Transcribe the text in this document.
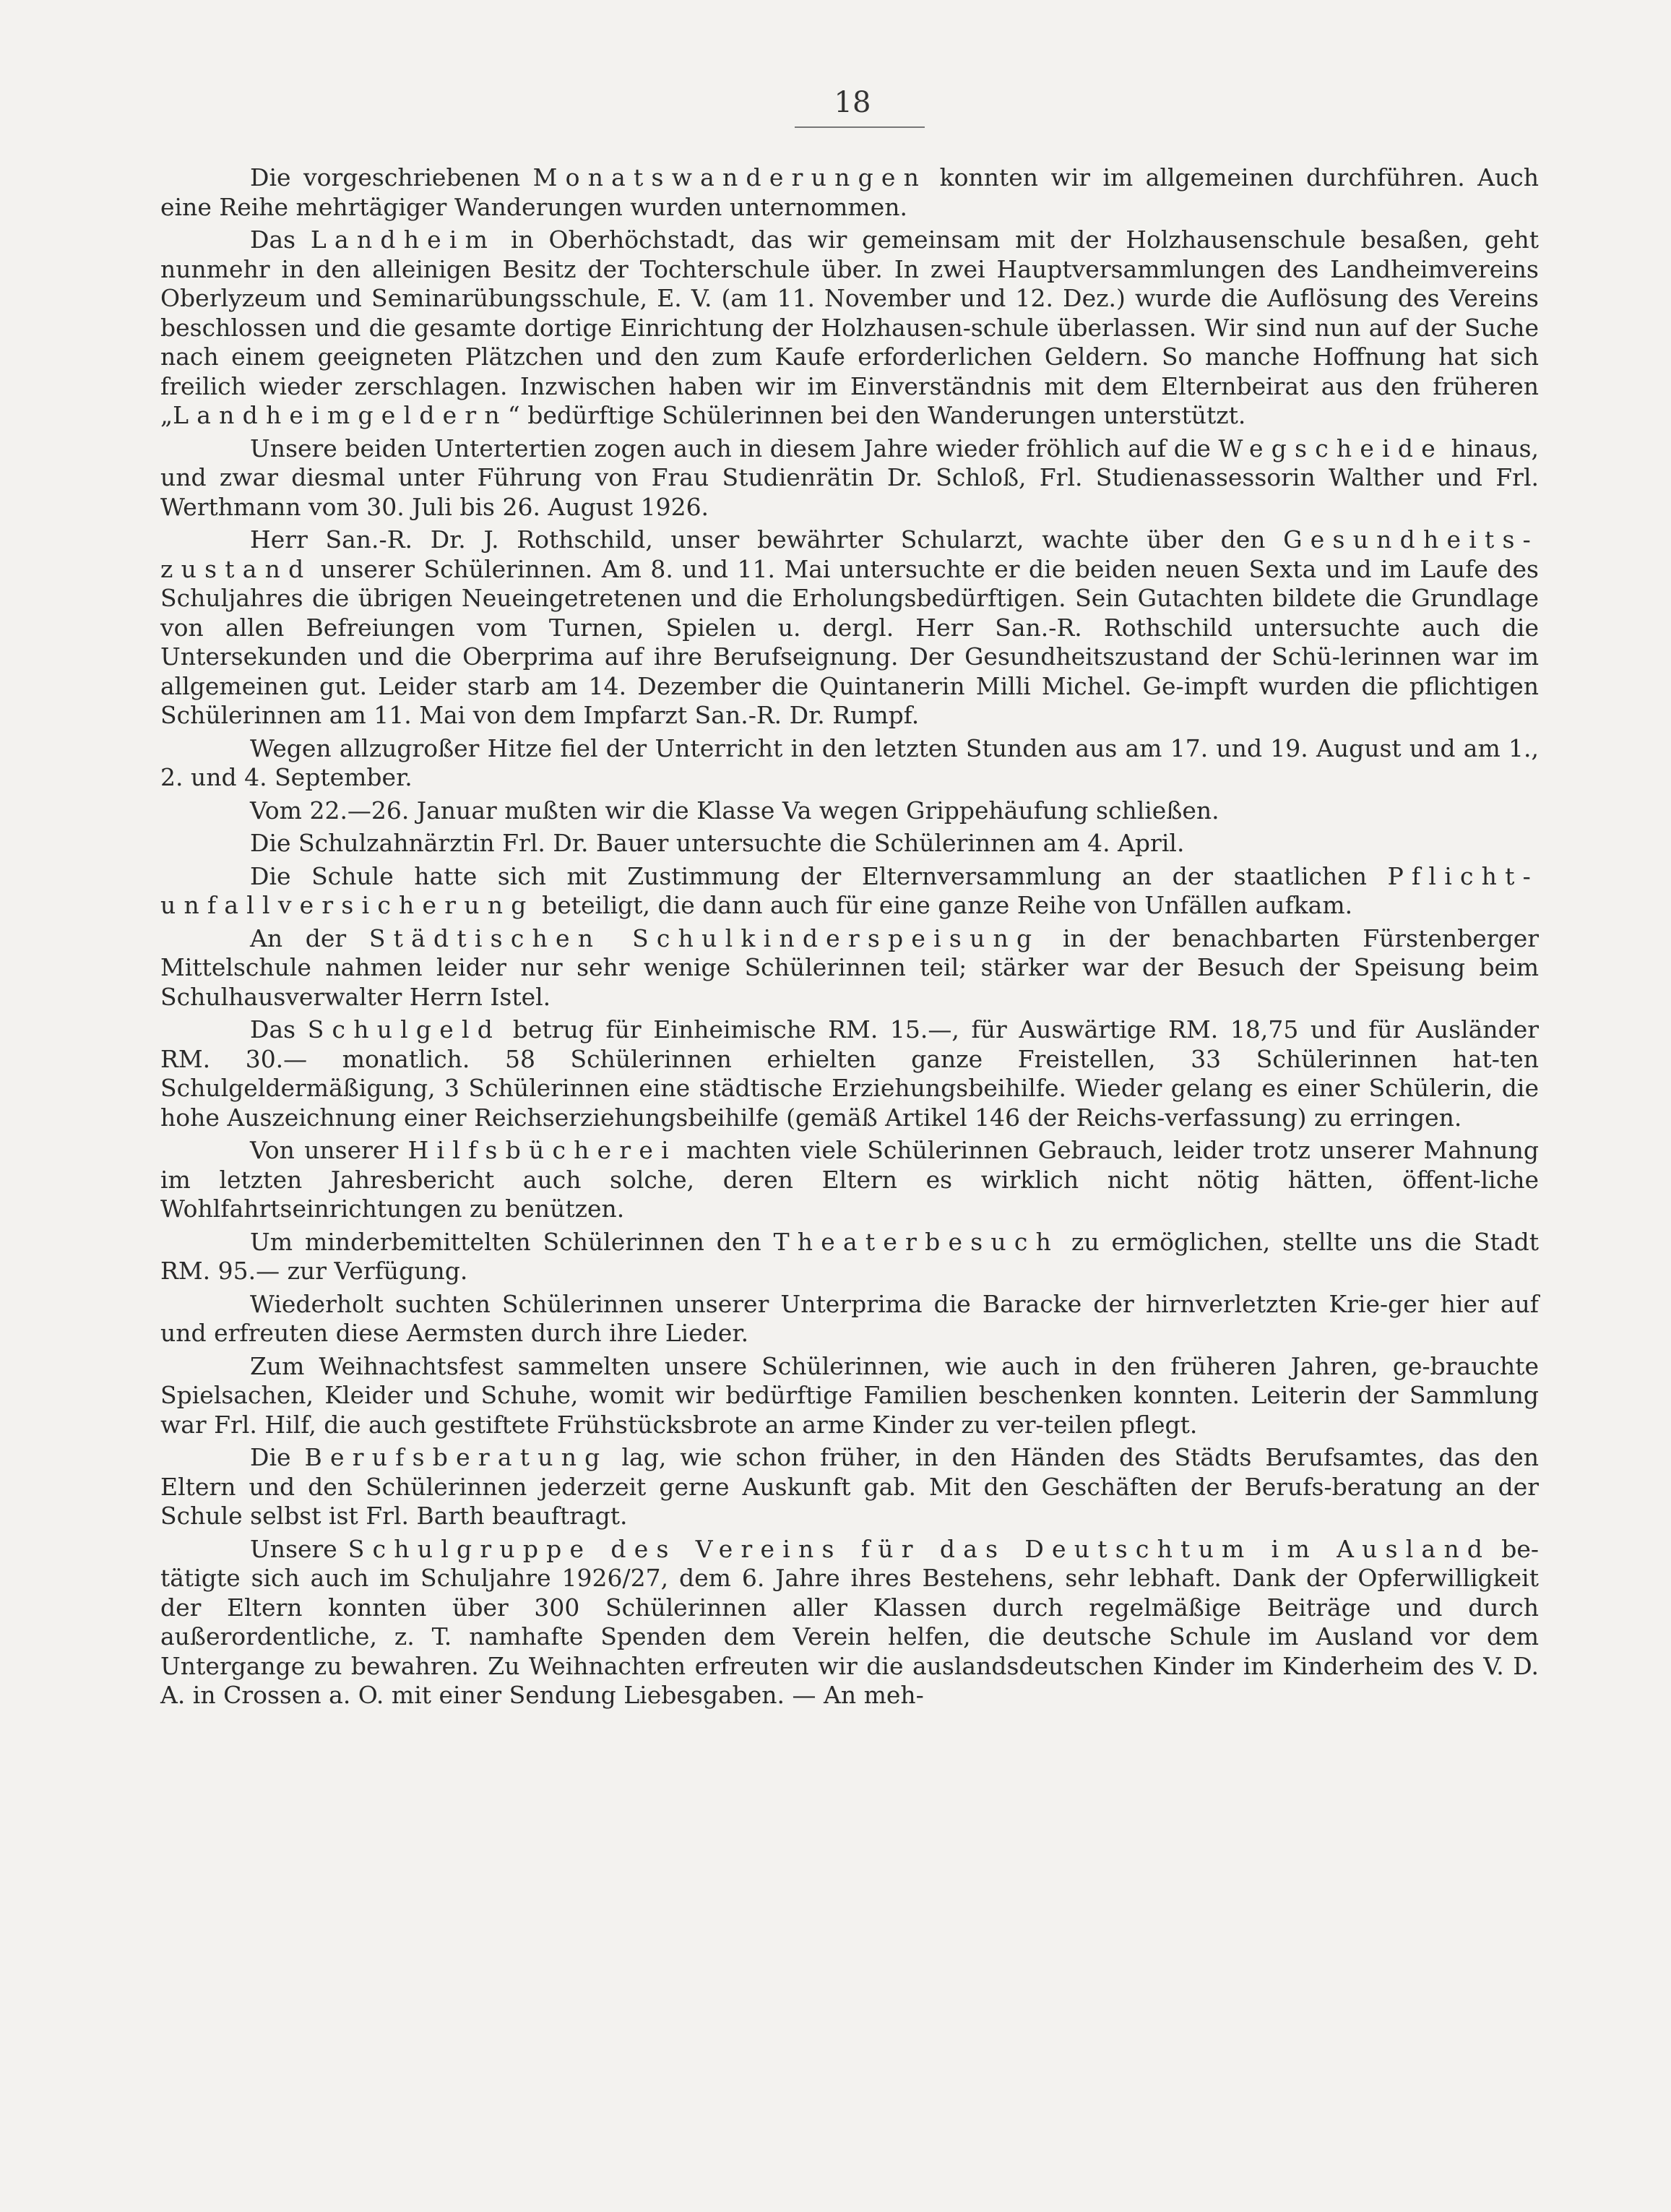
18

Die vorgeschriebenen Monatswanderungen konnten wir im allgemeinen durchführen. Auch eine Reihe mehrtägiger Wanderungen wurden unternommen.

Das Landheim in Oberhöchstadt, das wir gemeinsam mit der Holzhausenschule besaßen, geht nunmehr in den alleinigen Besitz der Tochterschule über. In zwei Hauptversammlungen des Landheimvereins Oberlyzeum und Seminarübungsschule, E. V. (am 11. November und 12. Dez.) wurde die Auflösung des Vereins beschlossen und die gesamte dortige Einrichtung der Holzhausen-schule überlassen. Wir sind nun auf der Suche nach einem geeigneten Plätzchen und den zum Kaufe erforderlichen Geldern. So manche Hoffnung hat sich freilich wieder zerschlagen. Inzwischen haben wir im Einverständnis mit dem Elternbeirat aus den früheren „Landheimgeldern“ bedürftige Schülerinnen bei den Wanderungen unterstützt.

Unsere beiden Untertertien zogen auch in diesem Jahre wieder fröhlich auf die Wegscheide hinaus, und zwar diesmal unter Führung von Frau Studienrätin Dr. Schloß, Frl. Studienassessorin Walther und Frl. Werthmann vom 30. Juli bis 26. August 1926.

Herr San.-R. Dr. J. Rothschild, unser bewährter Schularzt, wachte über den Gesundheits-zustand unserer Schülerinnen. Am 8. und 11. Mai untersuchte er die beiden neuen Sexta und im Laufe des Schuljahres die übrigen Neueingetretenen und die Erholungsbedürftigen. Sein Gutachten bildete die Grundlage von allen Befreiungen vom Turnen, Spielen u. dergl. Herr San.-R. Rothschild untersuchte auch die Untersekunden und die Oberprima auf ihre Berufseignung. Der Gesundheitszustand der Schü-lerinnen war im allgemeinen gut. Leider starb am 14. Dezember die Quintanerin Milli Michel. Ge-impft wurden die pflichtigen Schülerinnen am 11. Mai von dem Impfarzt San.-R. Dr. Rumpf.

Wegen allzugroßer Hitze fiel der Unterricht in den letzten Stunden aus am 17. und 19. August und am 1., 2. und 4. September.

Vom 22.—26. Januar mußten wir die Klasse Va wegen Grippehäufung schließen.

Die Schulzahnärztin Frl. Dr. Bauer untersuchte die Schülerinnen am 4. April.

Die Schule hatte sich mit Zustimmung der Elternversammlung an der staatlichen Pflicht-unfallversicherung beteiligt, die dann auch für eine ganze Reihe von Unfällen aufkam.

An der Städtischen Schulkinderspeisung in der benachbarten Fürstenberger Mittelschule nahmen leider nur sehr wenige Schülerinnen teil; stärker war der Besuch der Speisung beim Schulhausverwalter Herrn Istel.

Das Schulgeld betrug für Einheimische RM. 15.—, für Auswärtige RM. 18,75 und für Ausländer RM. 30.— monatlich. 58 Schülerinnen erhielten ganze Freistellen, 33 Schülerinnen hat-ten Schulgeldermäßigung, 3 Schülerinnen eine städtische Erziehungsbeihilfe. Wieder gelang es einer Schülerin, die hohe Auszeichnung einer Reichserziehungsbeihilfe (gemäß Artikel 146 der Reichs-verfassung) zu erringen.

Von unserer Hilfsbücherei machten viele Schülerinnen Gebrauch, leider trotz unserer Mahnung im letzten Jahresbericht auch solche, deren Eltern es wirklich nicht nötig hätten, öffent-liche Wohlfahrtseinrichtungen zu benützen.

Um minderbemittelten Schülerinnen den Theaterbesuch zu ermöglichen, stellte uns die Stadt RM. 95.— zur Verfügung.

Wiederholt suchten Schülerinnen unserer Unterprima die Baracke der hirnverletzten Krie-ger hier auf und erfreuten diese Aermsten durch ihre Lieder.

Zum Weihnachtsfest sammelten unsere Schülerinnen, wie auch in den früheren Jahren, ge-brauchte Spielsachen, Kleider und Schuhe, womit wir bedürftige Familien beschenken konnten. Leiterin der Sammlung war Frl. Hilf, die auch gestiftete Frühstücksbrote an arme Kinder zu ver-teilen pflegt.

Die Berufsberatung lag, wie schon früher, in den Händen des Städts Berufsamtes, das den Eltern und den Schülerinnen jederzeit gerne Auskunft gab. Mit den Geschäften der Berufs-beratung an der Schule selbst ist Frl. Barth beauftragt.

Unsere Schulgruppe des Vereins für das Deutschtum im Ausland be-tätigte sich auch im Schuljahre 1926/27, dem 6. Jahre ihres Bestehens, sehr lebhaft. Dank der Opferwilligkeit der Eltern konnten über 300 Schülerinnen aller Klassen durch regelmäßige Beiträge und durch außerordentliche, z. T. namhafte Spenden dem Verein helfen, die deutsche Schule im Ausland vor dem Untergange zu bewahren. Zu Weihnachten erfreuten wir die auslandsdeutschen Kinder im Kinderheim des V. D. A. in Crossen a. O. mit einer Sendung Liebesgaben. — An meh-
